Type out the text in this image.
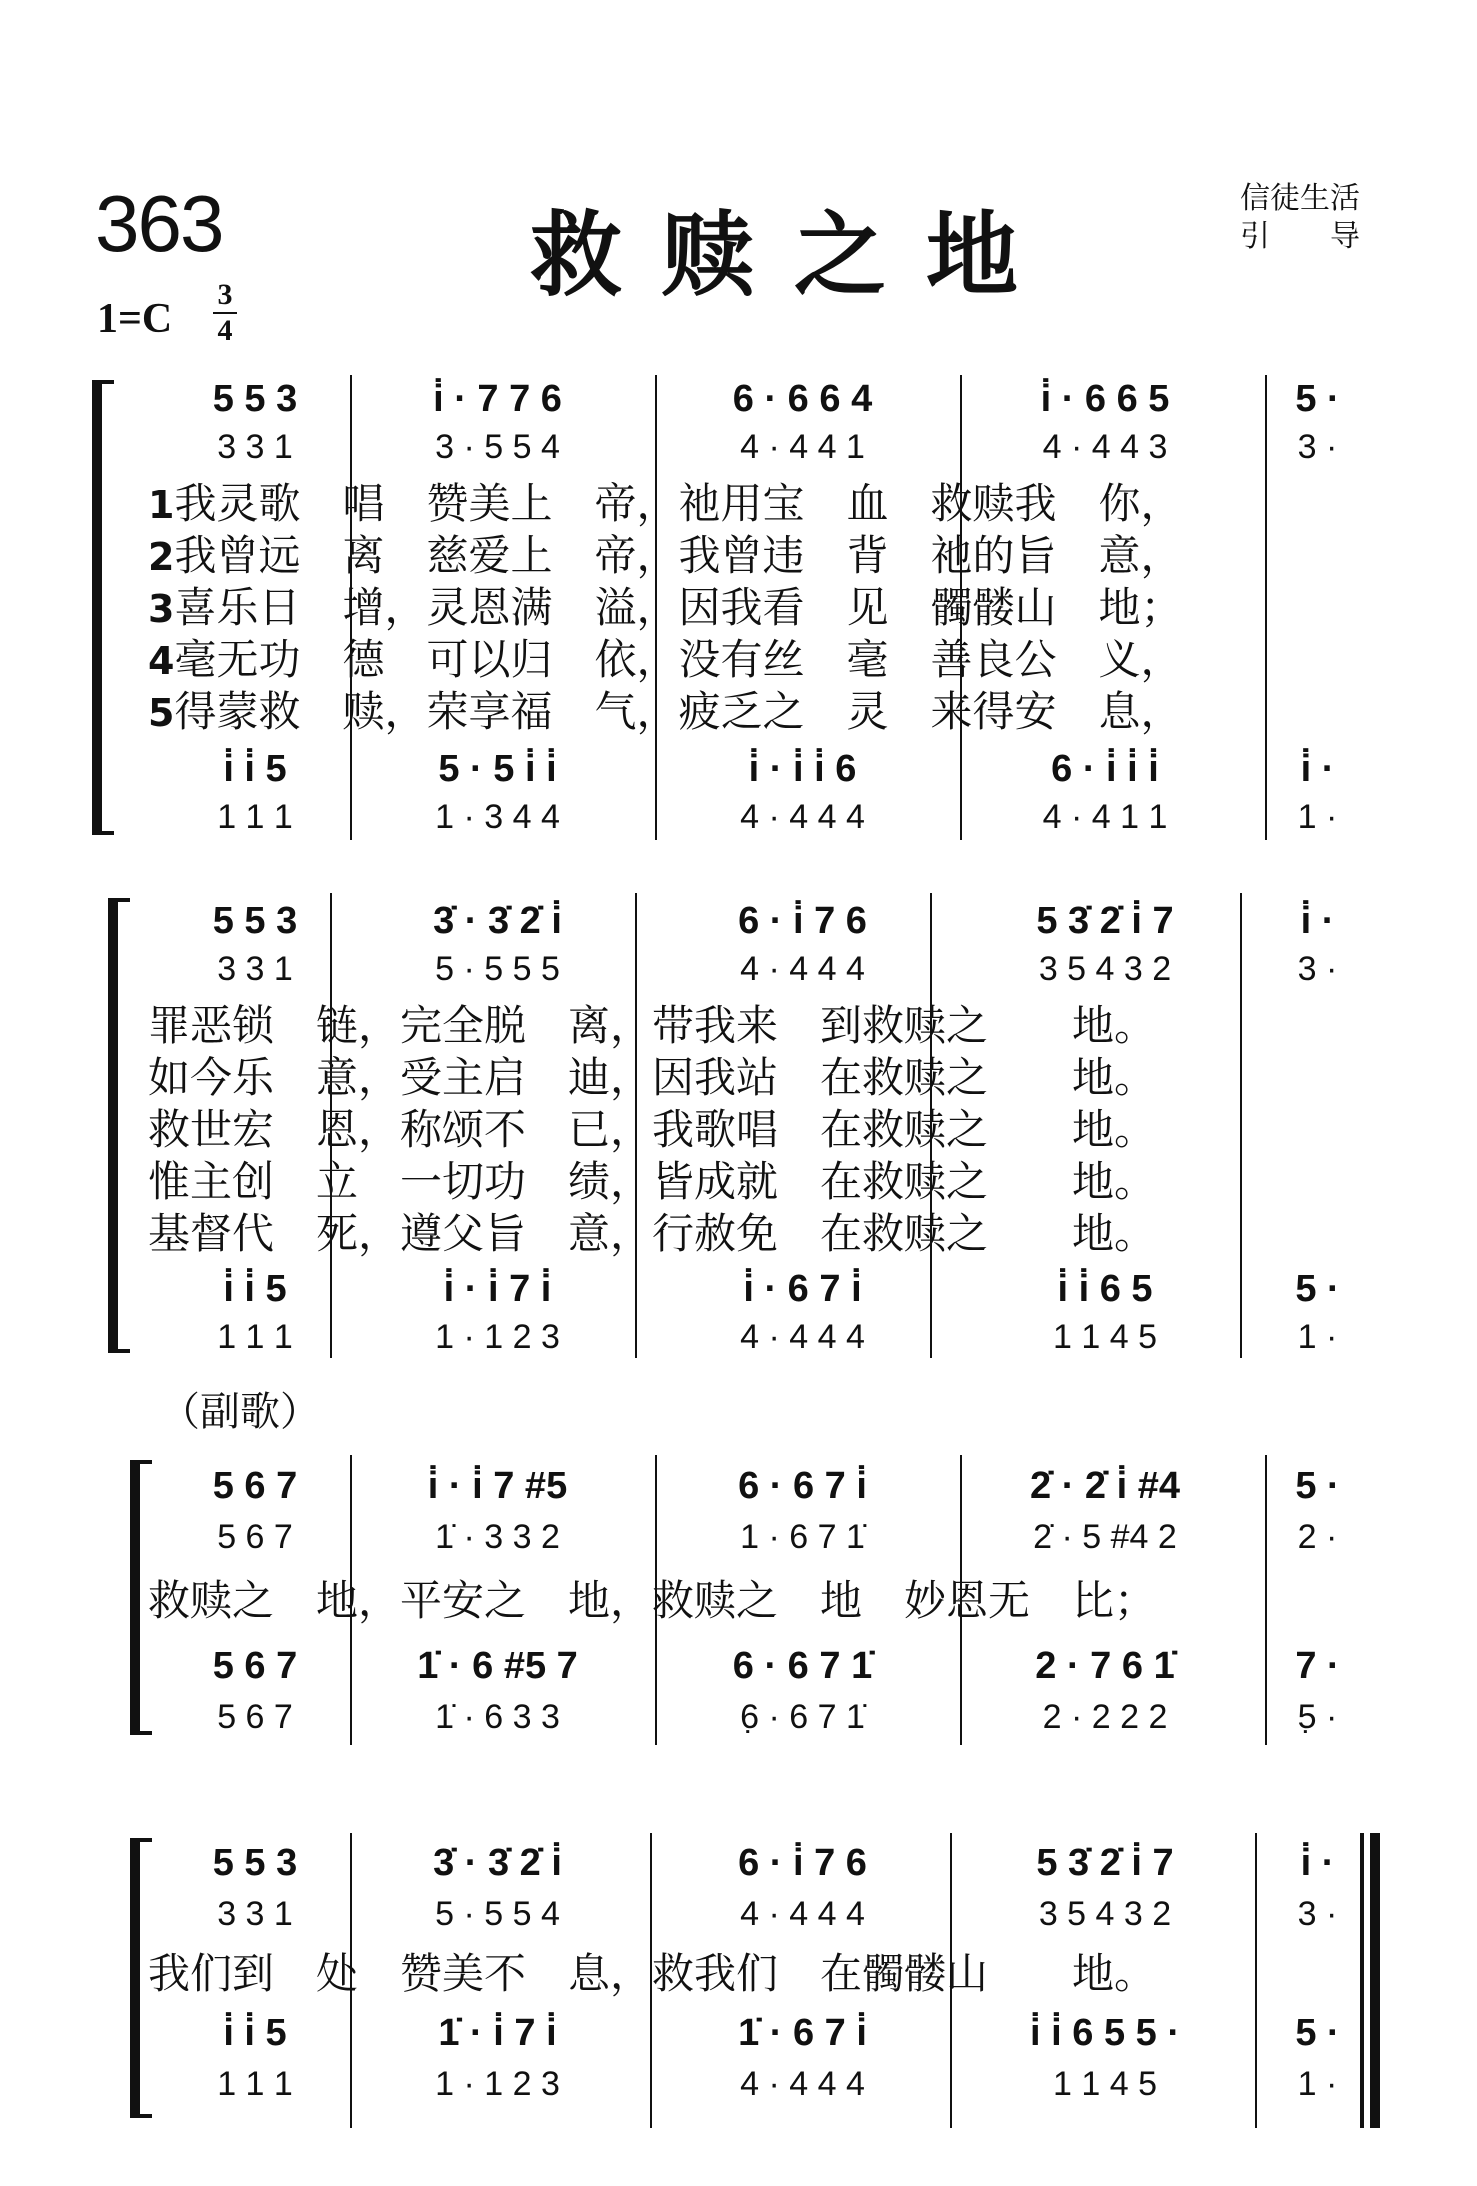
363	救赎之地
信徒生活
引　　导
1=C
3
4
5 5 3	i̇ · 7 7 6	6 · 6 6 4	i̇ · 6 6 5	5 ·
3 3 1	3 · 5 5 4	4 · 4 4 1	4 · 4 4 3	3 ·
1我灵歌　唱　赞美上　帝，祂用宝　血　救赎我　你，
2我曾远　离　慈爱上　帝，我曾违　背　祂的旨　意，
3喜乐日　增，灵恩满　溢，因我看　见　髑髅山　地；
4毫无功　德　可以归　依，没有丝　毫　善良公　义，
5得蒙救　赎，荣享福　气，疲乏之　灵　来得安　息，
i̇ i̇ 5	5 · 5 i̇ i̇	i̇ · i̇ i̇ 6	6 · i̇ i̇ i̇	i̇ ·
1 1 1	1 · 3 4 4	4 · 4 4 4	4 · 4 1 1	1 ·
5 5 3	3̇ · 3̇ 2̇ i̇	6 · i̇ 7 6	5 3̇ 2̇ i̇ 7	i̇ ·
3 3 1	5 · 5 5 5	4 · 4 4 4	3 5 4 3 2	3 ·
罪恶锁　链，完全脱　离，带我来　到救赎之　　地。
如今乐　意，受主启　迪，因我站　在救赎之　　地。
救世宏　恩，称颂不　已，我歌唱　在救赎之　　地。
惟主创　立　一切功　绩，皆成就　在救赎之　　地。
基督代　死，遵父旨　意，行赦免　在救赎之　　地。
i̇ i̇ 5	i̇ · i̇ 7 i̇	i̇ · 6 7 i̇	i̇ i̇ 6 5	5 ·
1 1 1	1 · 1 2 3	4 · 4 4 4	1 1 4 5	1 ·
5 6 7	i̇ · i̇ 7 #5	6 · 6 7 i̇	2̇ · 2̇ i̇ #4	5 ·
5 6 7	1̇ · 3 3 2	1 · 6 7 1̇	2̇ · 5 #4 2	2 ·
救赎之　地，平安之　地，救赎之　地　妙恩无　比；
5 6 7	1̇ · 6 #5 7	6 · 6 7 1̇	2 · 7 6 1̇	7 ·
5 6 7	1̇ · 6 3 3	6̣ · 6 7 1̇	2 · 2 2 2	5̣ ·
5 5 3	3̇ · 3̇ 2̇ i̇	6 · i̇ 7 6	5 3̇ 2̇ i̇ 7	i̇ ·
3 3 1	5 · 5 5 4	4 · 4 4 4	3 5 4 3 2	3 ·
我们到　处　赞美不　息，救我们　在髑髅山　　地。
i̇ i̇ 5	1̇ · i̇ 7 i̇	1̇ · 6 7 i̇	i̇ i̇ 6 5 5 ·	5 ·
1 1 1	1 · 1 2 3	4 · 4 4 4	1 1 4 5	1 ·
（副歌）
